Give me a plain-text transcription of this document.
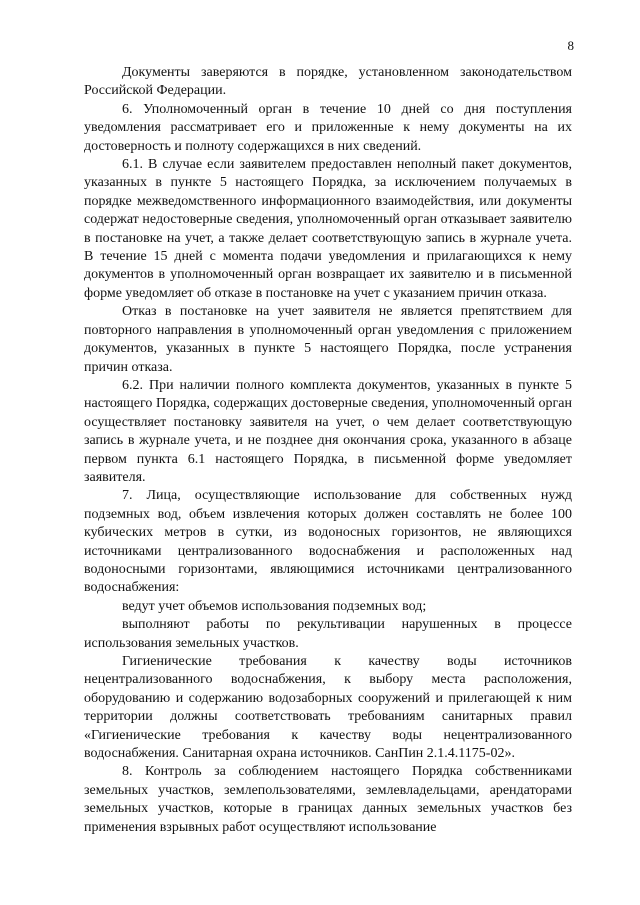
8

Документы заверяются в порядке, установленном законодательством Российской Федерации.

6. Уполномоченный орган в течение 10 дней со дня поступления уведомления рассматривает его и приложенные к нему документы на их достоверность и полноту содержащихся в них сведений.

6.1. В случае если заявителем предоставлен неполный пакет документов, указанных в пункте 5 настоящего Порядка, за исключением получаемых в порядке межведомственного информационного взаимодействия, или документы содержат недостоверные сведения, уполномоченный орган отказывает заявителю в постановке на учет, а также делает соответствующую запись в журнале учета. В течение 15 дней с момента подачи уведомления и прилагающихся к нему документов в уполномоченный орган возвращает их заявителю и в письменной форме уведомляет об отказе в постановке на учет с указанием причин отказа.

Отказ в постановке на учет заявителя не является препятствием для повторного направления в уполномоченный орган уведомления с приложением документов, указанных в пункте 5 настоящего Порядка, после устранения причин отказа.

6.2. При наличии полного комплекта документов, указанных в пункте 5 настоящего Порядка, содержащих достоверные сведения, уполномоченный орган осуществляет постановку заявителя на учет, о чем делает соответствующую запись в журнале учета, и не позднее дня окончания срока, указанного в абзаце первом пункта 6.1 настоящего Порядка, в письменной форме уведомляет заявителя.

7. Лица, осуществляющие использование для собственных нужд подземных вод, объем извлечения которых должен составлять не более 100 кубических метров в сутки, из водоносных горизонтов, не являющихся источниками централизованного водоснабжения и расположенных над водоносными горизонтами, являющимися источниками централизованного водоснабжения:

ведут учет объемов использования подземных вод;

выполняют работы по рекультивации нарушенных в процессе использования земельных участков.

Гигиенические требования к качеству воды источников нецентрализованного водоснабжения, к выбору места расположения, оборудованию и содержанию водозаборных сооружений и прилегающей к ним территории должны соответствовать требованиям санитарных правил «Гигиенические требования к качеству воды нецентрализованного водоснабжения. Санитарная охрана источников. СанПин 2.1.4.1175-02».

8. Контроль за соблюдением настоящего Порядка собственниками земельных участков, землепользователями, землевладельцами, арендаторами земельных участков, которые в границах данных земельных участков без применения взрывных работ осуществляют использование
